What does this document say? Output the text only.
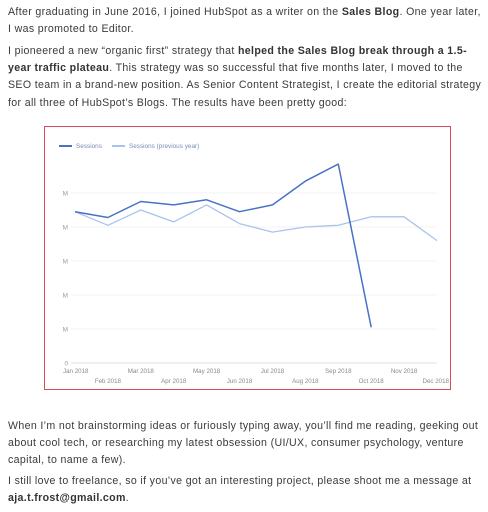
After graduating in June 2016, I joined HubSpot as a writer on the Sales Blog. One year later, I was promoted to Editor.

I pioneered a new “organic first” strategy that helped the Sales Blog break through a 1.5-year traffic plateau. This strategy was so successful that five months later, I moved to the SEO team in a brand-new position. As Senior Content Strategist, I create the editorial strategy for all three of HubSpot’s Blogs. The results have been pretty good:

Sessions	Sessions (previous year)
0
M
M
M
M
M
Jan 2018
Feb 2018
Mar 2018
Apr 2018
May 2018
Jun 2018
Jul 2018
Aug 2018
Sep 2018
Oct 2018
Nov 2018
Dec 2018

When I’m not brainstorming ideas or furiously typing away, you’ll find me reading, geeking out about cool tech, or researching my latest obsession (UI/UX, consumer psychology, venture capital, to name a few).

I still love to freelance, so if you’ve got an interesting project, please shoot me a message at aja.t.frost@gmail.com.
